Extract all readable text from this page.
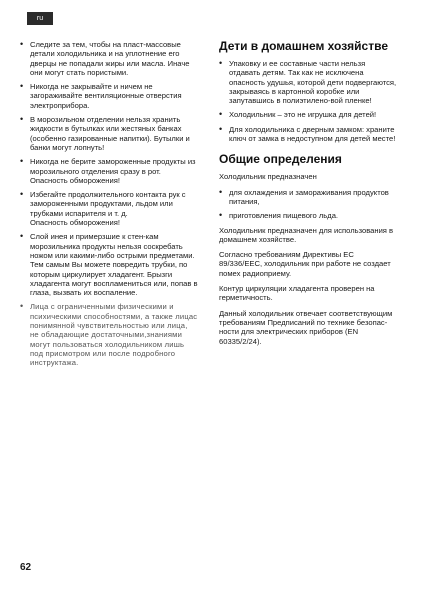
ru
• Следите за тем, чтобы на пласт-массовые детали холодильника и на уплотнение его дверцы не попадали жиры или масла. Иначе они могут стать пористыми.
• Никогда не закрывайте и ничем не загораживайте вентиляционные отверстия электроприбора.
• В морозильном отделении нельзя хранить жидкости в бутылках или жестяных банках (особенно газированные напитки). Бутылки и банки могут лопнуть!
• Никогда не берите замороженные продукты из морозильного отделения сразу в рот. Опасность обморожения!
• Избегайте продолжительного контакта рук с замороженными продуктами, льдом или трубками испарителя и т. д.
Опасность обморожения!
• Слой инея и примерзшие к стен-кам морозильника продукты нельзя соскребать ножом или какими-либо острыми предметами. Тем самым Вы можете повредить трубки, по которым циркулирует хладагент. Брызги хладагента могут воспламениться или, попав в глаза, вызвать их воспаление.
• Лица с ограниченными физическими и психическими способностями, а также лицас понимянной чувствительностью или лица, не обладающие достаточными,знаниями могут пользоваться холодильником лишь под присмотром или после подробного инструктажа.
Дети в домашнем хозяйстве
• Упаковку и ее составные части нельзя отдавать детям. Так как не исключена опасность удушья, которой дети подвергаются, закрываясь в картонной коробке или запутавшись в полиэтилено-вой пленке!
• Холодильник – это не игрушка для детей!
• Для холодильника с дверным замком: храните ключ от замка в недоступном для детей месте!
Общие определения

Холодильник предназначен

• для охлаждения и замораживания продуктов питания,
• приготовления пищевого льда.

Холодильник предназначен для использования в домашнем хозяйстве.

Согласно требованиям Директивы ЕС 89/336/EEC, холодильник при работе не создает помех радиоприему.

Контур циркуляции хладагента проверен на герметичность.

Данный холодильник отвечает соответствующим требованиям Предписаний по технике безопас-ности для электрических приборов (EN 60335/2/24).

62
